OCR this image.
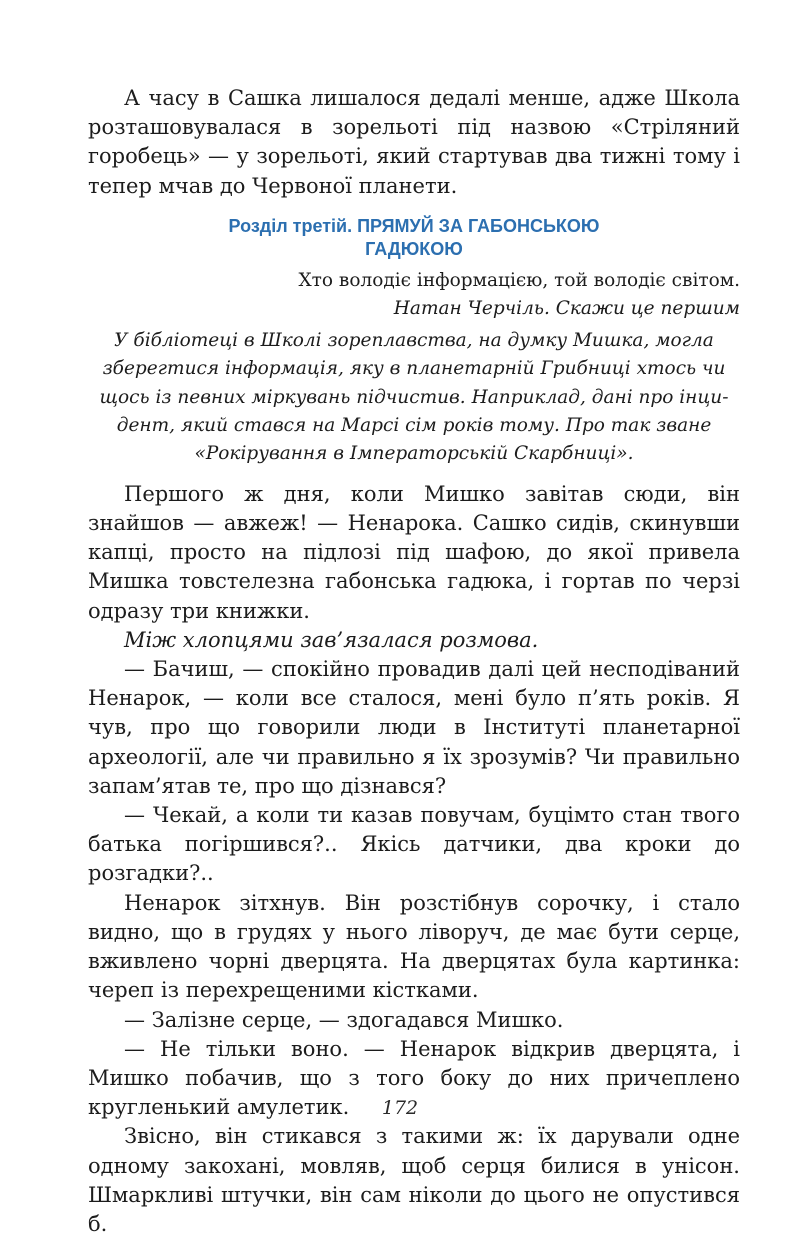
А часу в Сашка лишалося дедалі менше, адже Школа розташовувалася в зорельоті під назвою «Стріляний горобець» — у зорельоті, який стартував два тижні тому і тепер мчав до Червоної планети.

Розділ третій. ПРЯМУЙ ЗА ГАБОНСЬКОЮ
ГАДЮКОЮ
Хто володіє інформацією, той володіє світом.
Натан Черчіль. Скажи це першим
У бібліотеці в Школі зореплавства, на думку Мишка, могла
зберегтися інформація, яку в планетарній Грибниці хтось чи
щось із певних міркувань підчистив. Наприклад, дані про інци-
дент, який стався на Марсі сім років тому. Про так зване
«Рокірування в Імператорській Скарбниці».

Першого ж дня, коли Мишко завітав сюди, він знайшов — авжеж! — Ненарока. Сашко сидів, скинувши капці, просто на підлозі під шафою, до якої привела Мишка товстелезна габонська гадюка, і гортав по черзі одразу три книжки.

Між хлопцями зав’язалася розмова.

— Бачиш, — спокійно провадив далі цей несподіваний Ненарок, — коли все сталося, мені було п’ять років. Я чув, про що говорили люди в Інституті планетарної археології, але чи правильно я їх зрозумів? Чи правильно запам’ятав те, про що дізнався?

— Чекай, а коли ти казав повучам, буцімто стан твого батька погіршився?.. Якісь датчики, два кроки до розгадки?..

Ненарок зітхнув. Він розстібнув сорочку, і стало видно, що в грудях у нього ліворуч, де має бути серце, вживлено чорні дверцята. На дверцятах була картинка: череп із перехрещеними кістками.

— Залізне серце, — здогадався Мишко.

— Не тільки воно. — Ненарок відкрив дверцята, і Мишко побачив, що з того боку до них причеплено кругленький амулетик.

Звісно, він стикався з такими ж: їх дарували одне одному закохані, мовляв, щоб серця билися в унісон. Шмаркливі штучки, він сам ніколи до цього не опустився б.

172
